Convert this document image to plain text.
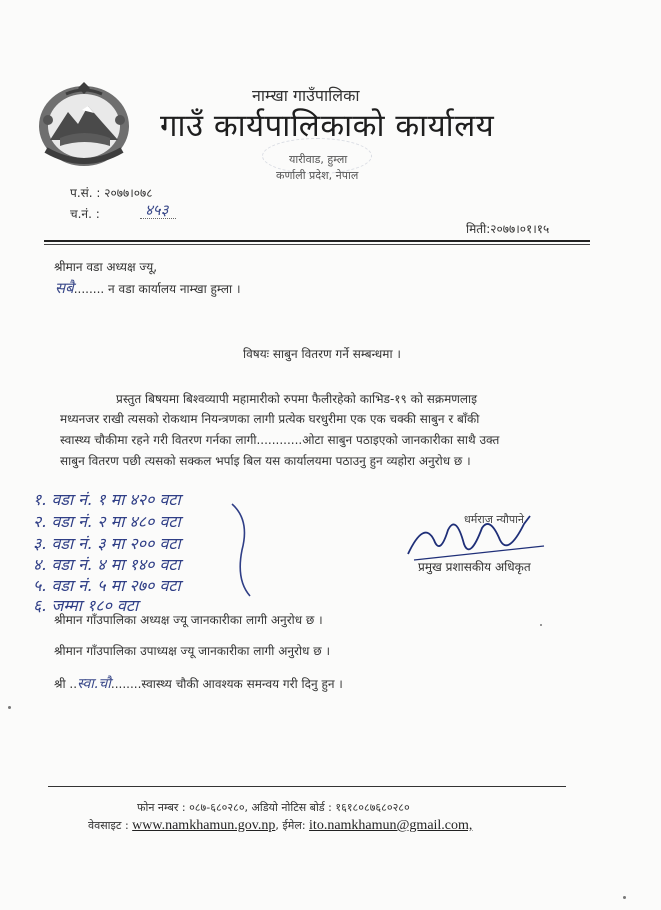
नाम्खा गाउँपालिका
गाउँ कार्यपालिकाको कार्यालय
यारीवाड, हुम्ला
कर्णाली प्रदेश, नेपाल
प.सं. : २०७७।०७८
च.नं. :	४५३
मिती:२०७७।०१।१५
श्रीमान वडा अध्यक्ष ज्यू,
सबै........ न वडा कार्यालय नाम्खा हुम्ला ।
विषयः साबुन वितरण गर्ने सम्बन्धमा ।
प्रस्तुत बिषयमा बिश्वव्यापी महामारीको रुपमा फैलीरहेको काभिड-१९ को सक्रमणलाइ
मध्यनजर राखी त्यसको रोकथाम नियन्त्रणका लागी प्रत्येक घरधुरीमा एक एक चक्की साबुन र बाँकी
स्वास्थ्य चौकीमा रहने गरी वितरण गर्नका लागी............ओटा साबुन पठाइएको जानकारीका साथै उक्त
साबुन वितरण पछी त्यसको सक्कल भर्पाइ बिल यस कार्यालयमा पठाउनु हुन व्यहोरा अनुरोध छ ।
१. वडा नं. १ मा ४२० वटा
२. वडा नं. २ मा ४८० वटा
३. वडा नं. ३ मा २०० वटा
४. वडा नं. ४ मा १४० वटा
५. वडा नं. ५ मा २७० वटा
६. जम्मा १८० वटा
धर्मराज न्यौपाने
प्रमुख प्रशासकीय अधिकृत
श्रीमान गाँउपालिका अध्यक्ष ज्यू जानकारीका लागी अनुरोध छ ।
श्रीमान गाँउपालिका उपाध्यक्ष ज्यू जानकारीका लागी अनुरोध छ ।
श्री ..स्वा.चौ........स्वास्थ्य चौकी आवश्यक समन्वय गरी दिनु हुन ।
फोन नम्बर : ०८७-६८०२८०, अडियो नोटिस बोर्ड : १६१८०८७६८०२८०
वेवसाइट : www.namkhamun.gov.np, ईमेल: ito.namkhamun@gmail.com,
